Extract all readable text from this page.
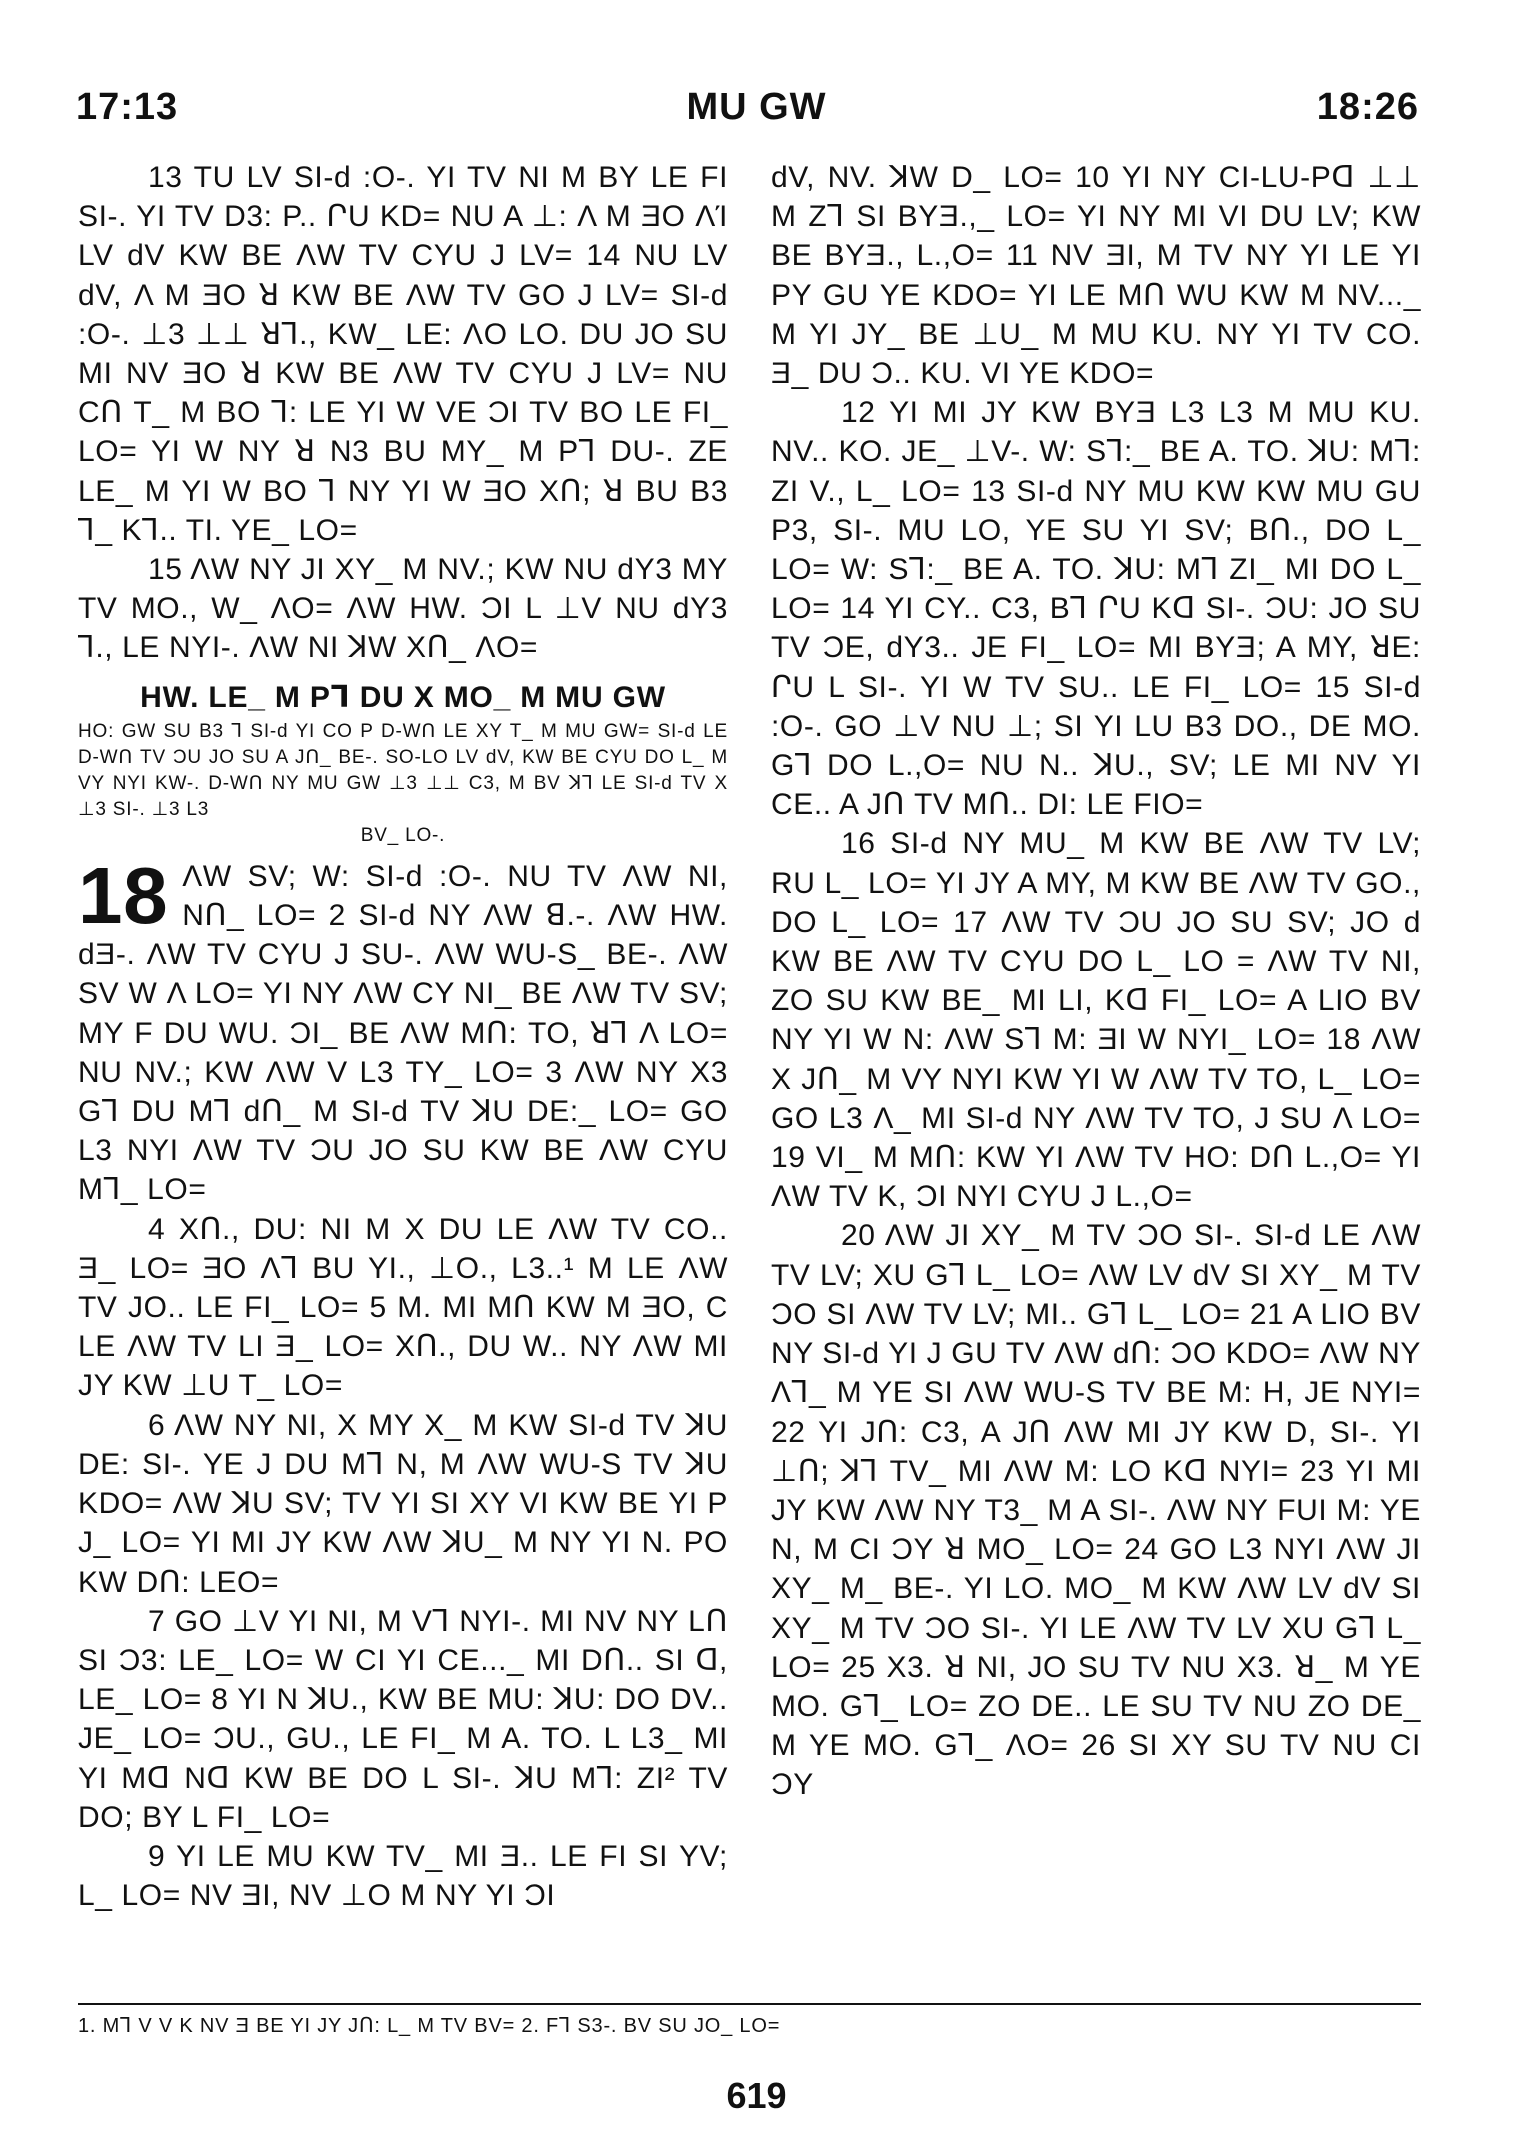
17:13	MU GW	18:26

13 TU LV SI-d :O-. YI TV NI M BY LE FI SI-. YI TV D3: P.. ՐU KD= NU A ⊥: Λ M ƎO ΛΊ LV dV KW BE ΛW TV CYU J LV= 14 NU LV dV, Λ M ƎO ꓤ KW BE ΛW TV GO J LV= SI-d :O-. ⊥3 ⊥⊥ ꓤ⅂., KW_ LE: ΛO LO. DU JO SU MI NV ƎO ꓤ KW BE ΛW TV CYU J LV= NU CՈ T_ M BO ⅂: LE YI W VE ƆI TV BO LE FI_ LO= YI W NY ꓤ N3 BU MY_ M PꞀ DU-. ZE LE_ M YI W BO ⅂ NY YI W ƎO XՈ; ꓤ BU B3 ⅂_ K⅂.. TI. YE_ LO=

15 ΛW NY JI XY_ M NV.; KW NU dY3 MY TV MO., W_ ΛO= ΛW HW. ƆI L ⊥V NU dY3 ⅂., LE NYI-. ΛW NI ꓘW XՈ_ ΛO=

HW. LE_ M PꞀ DU X MO_ M MU GW
HO: GW SU B3 ⅂ SI-d YI CO P D-WՈ LE XY T_ M MU GW= SI-d LE D-WՈ TV ƆU JO SU A JՈ_ BE-. SO-LO LV dV, KW BE CYU DO L_ M VY NYI KW-. D-WՈ NY MU GW ⊥3 ⊥⊥ C3, M BV ꓘ⅂ LE SI-d TV X ⊥3 SI-. ⊥3 L3
BV_ LO-.

18 ΛW SV; W: SI-d :O-. NU TV ΛW NI, NՈ_ LO= 2 SI-d NY ΛW ꓭ.-. ΛW HW. dƎ-. ΛW TV CYU J SU-. ΛW WU-S_ BE-. ΛW SV W Λ LO= YI NY ΛW CY NI_ BE ΛW TV SV; MY F DU WU. ƆI_ BE ΛW MՈ: TO, ꓤ⅂ Λ LO= NU NV.; KW ΛW V L3 TY_ LO= 3 ΛW NY X3 GꞀ DU MꞀ dՈ_ M SI-d TV ꓘU DE:_ LO= GO L3 NYI ΛW TV ƆU JO SU KW BE ΛW CYU MꞀ_ LO=

4 XՈ., DU: NI M X DU LE ΛW TV CO.. Ǝ_ LO= ƎO ΛꞀ BU YI., ⊥O., L3..¹ M LE ΛW TV JO.. LE FI_ LO= 5 M. MI MՈ KW M ƎO, C LE ΛW TV LI Ǝ_ LO= XՈ., DU W.. NY ΛW MI JY KW ⊥U T_ LO=

6 ΛW NY NI, X MY X_ M KW SI-d TV ꓘU DE: SI-. YE J DU MꞀ N, M ΛW WU-S TV ꓘU KDO= ΛW ꓘU SV; TV YI SI XY VI KW BE YI P J_ LO= YI MI JY KW ΛW ꓘU_ M NY YI N. PO KW DՈ: LEO=

7 GO ⊥V YI NI, M VꞀ NYI-. MI NV NY LՈ SI Ɔ3: LE_ LO= W CI YI CE..._ MI DՈ.. SI ᗡ, LE_ LO= 8 YI N ꓘU., KW BE MU: ꓘU: DO DV.. JE_ LO= ƆU., GU., LE FI_ M A. TO. L L3_ MI YI Mᗡ Nᗡ KW BE DO L SI-. ꓘU MꞀ: ZI² TV DO; BY L FI_ LO=

9 YI LE MU KW TV_ MI Ǝ.. LE FI SI YV; L_ LO= NV ƎI, NV ⊥O M NY YI ƆI

dV, NV. ꓘW D_ LO= 10 YI NY CI-LU-Pᗡ ⊥⊥ M ZꞀ SI BYƎ.,_ LO= YI NY MI VI DU LV; KW BE BYƎ., L.,O= 11 NV ƎI, M TV NY YI LE YI PY GU YE KDO= YI LE MՈ WU KW M NV..._ M YI JY_ BE ⊥U_ M MU KU. NY YI TV CO. Ǝ_ DU Ɔ.. KU. VI YE KDO=

12 YI MI JY KW BYƎ L3 L3 M MU KU. NV.. KO. JE_ ⊥V-. W: SꞀ:_ BE A. TO. ꓘU: MꞀ: ZI V., L_ LO= 13 SI-d NY MU KW KW MU GU P3, SI-. MU LO, YE SU YI SV; BՈ., DO L_ LO= W: SꞀ:_ BE A. TO. ꓘU: MꞀ ZI_ MI DO L_ LO= 14 YI CY.. C3, BꞀ ՐU Kᗡ SI-. ƆU: JO SU TV ƆE, dY3.. JE FI_ LO= MI BYƎ; A MY, ꓤE: ՐU L SI-. YI W TV SU.. LE FI_ LO= 15 SI-d :O-. GO ⊥V NU ⊥; SI YI LU B3 DO., DE MO. GꞀ DO L.,O= NU N.. ꓘU., SV; LE MI NV YI CE.. A JՈ TV MՈ.. DI: LE FIO=

16 SI-d NY MU_ M KW BE ΛW TV LV; RU L_ LO= YI JY A MY, M KW BE ΛW TV GO., DO L_ LO= 17 ΛW TV ƆU JO SU SV; JO d KW BE ΛW TV CYU DO L_ LO = ΛW TV NI, ZO SU KW BE_ MI LI, Kᗡ FI_ LO= A LIO BV NY YI W N: ΛW SꞀ M: ƎI W NYI_ LO= 18 ΛW X JՈ_ M VY NYI KW YI W ΛW TV TO, L_ LO= GO L3 Λ_ MI SI-d NY ΛW TV TO, J SU Λ LO= 19 VI_ M MՈ: KW YI ΛW TV HO: DՈ L.,O= YI ΛW TV K, ƆI NYI CYU J L.,O=

20 ΛW JI XY_ M TV ƆO SI-. SI-d LE ΛW TV LV; XU GꞀ L_ LO= ΛW LV dV SI XY_ M TV ƆO SI ΛW TV LV; MI.. GꞀ L_ LO= 21 A LIO BV NY SI-d YI J GU TV ΛW dՈ: ƆO KDO= ΛW NY ΛꞀ_ M YE SI ΛW WU-S TV BE M: H, JE NYI= 22 YI JՈ: C3, A JՈ ΛW MI JY KW D, SI-. YI ⊥Ո; ꓘ⅂ TV_ MI ΛW M: LO Kᗡ NYI= 23 YI MI JY KW ΛW NY T3_ M A SI-. ΛW NY FUI M: YE N, M CI ƆY ꓤ MO_ LO= 24 GO L3 NYI ΛW JI XY_ M_ BE-. YI LO. MO_ M KW ΛW LV dV SI XY_ M TV ƆO SI-. YI LE ΛW TV LV XU GꞀ L_ LO= 25 X3. ꓤ NI, JO SU TV NU X3. ꓤ_ M YE MO. GꞀ_ LO= ZO DE.. LE SU TV NU ZO DE_ M YE MO. GꞀ_ ΛO= 26 SI XY SU TV NU CI ƆY

1. MꞀ V V K NV Ǝ BE YI JY JՈ: L_ M TV BV= 2. FꞀ S3-. BV SU JO_ LO=
619
